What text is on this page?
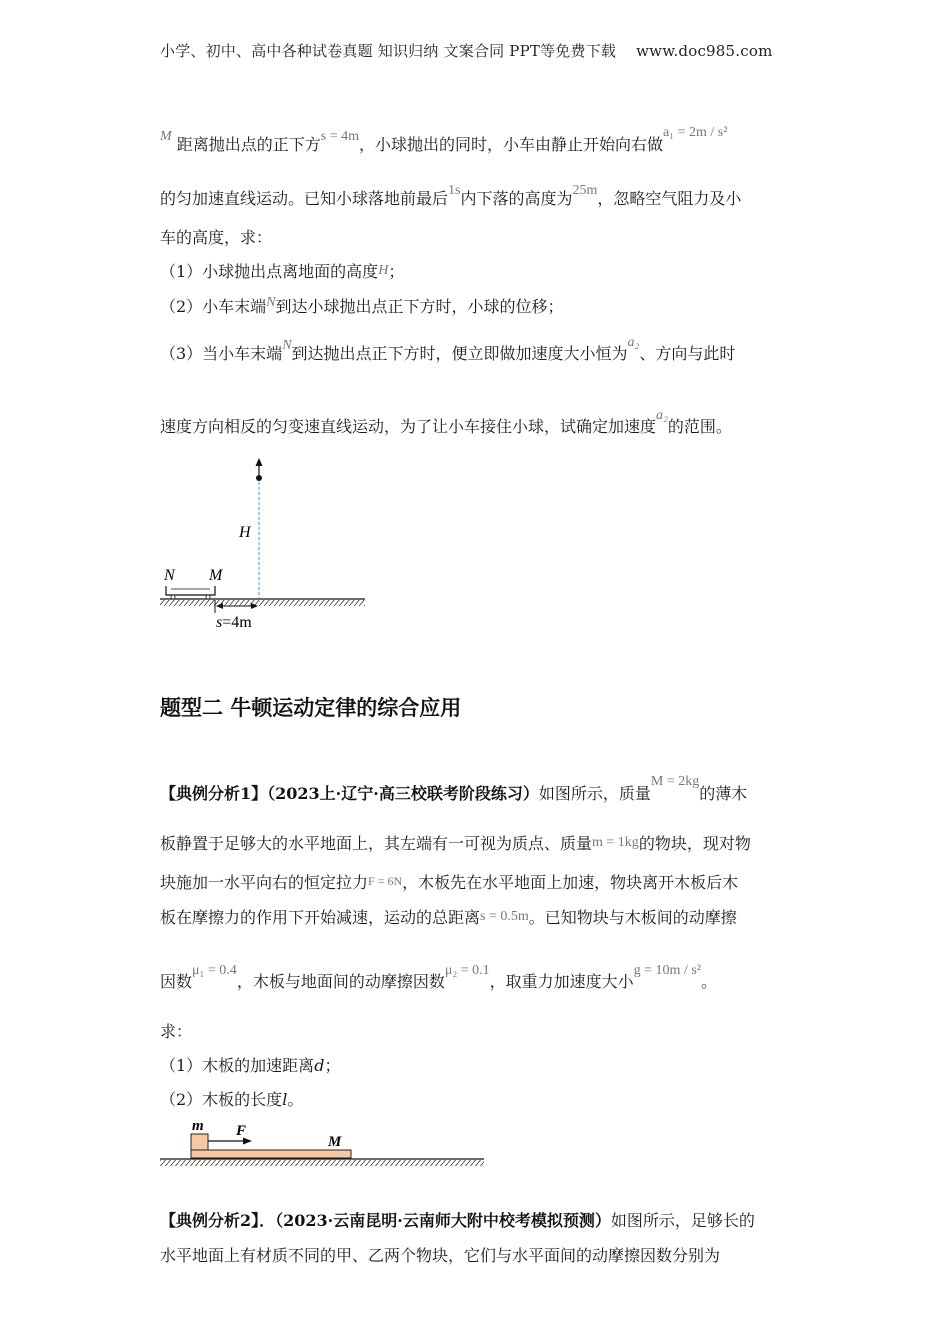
小学、初中、高中各种试卷真题 知识归纳 文案合同 PPT等免费下载 www.doc985.com
M 距离抛出点的正下方s = 4m，小球抛出的同时，小车由静止开始向右做a₁ = 2m / s²
的匀加速直线运动。已知小球落地前最后1s内下落的高度为25m，忽略空气阻力及小
车的高度，求：
（1）小球抛出点离地面的高度H；
（2）小车末端N到达小球抛出点正下方时，小球的位移；
（3）当小车末端N到达抛出点正下方时，便立即做加速度大小恒为a₂、方向与此时
速度方向相反的匀变速直线运动，为了让小车接住小球，试确定加速度a₂的范围。
H
N M
s=4m
题型二 牛顿运动定律的综合应用
【典例分析1】（2023上·辽宁·高三校联考阶段练习）如图所示，质量M = 2kg的薄木
板静置于足够大的水平地面上，其左端有一可视为质点、质量m = 1kg的物块，现对物
块施加一水平向右的恒定拉力F = 6N，木板先在水平地面上加速，物块离开木板后木
板在摩擦力的作用下开始减速，运动的总距离s = 0.5m。已知物块与木板间的动摩擦
因数μ₁ = 0.4，木板与地面间的动摩擦因数μ₂ = 0.1，取重力加速度大小g = 10m / s²。
求：
（1）木板的加速距离d；
（2）木板的长度l。
m F
M
【典例分析2】．（2023·云南昆明·云南师大附中校考模拟预测）如图所示，足够长的
水平地面上有材质不同的甲、乙两个物块，它们与水平面间的动摩擦因数分别为
